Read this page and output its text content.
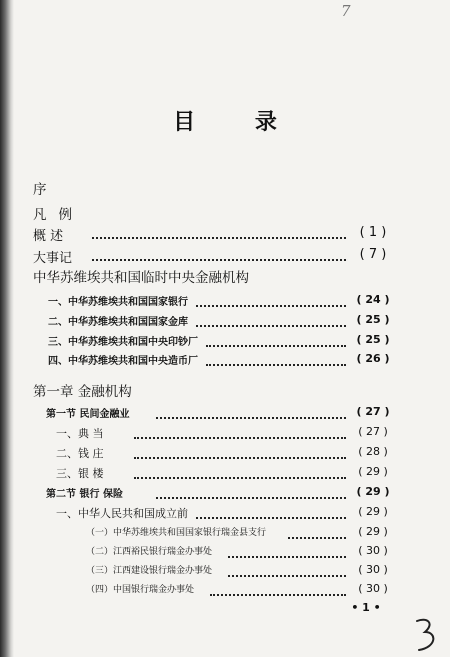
7
目 录
序
凡例
概 述	( 1 )
大事记	( 7 )
中华苏维埃共和国临时中央金融机构
一、中华苏维埃共和国国家银行	( 24 )
二、中华苏维埃共和国国家金库	( 25 )
三、中华苏维埃共和国中央印钞厂	( 25 )
四、中华苏维埃共和国中央造币厂	( 26 )
第一章 金融机构
第一节 民间金融业	( 27 )
一、典 当	( 27 )
二、钱 庄	( 28 )
三、银 楼	( 29 )
第二节 银行 保险	( 29 )
一、中华人民共和国成立前	( 29 )
（一）中华苏维埃共和国国家银行瑞金县支行	( 29 )
（二）江西裕民银行瑞金办事处	( 30 )
（三）江西建设银行瑞金办事处	( 30 )
（四）中国银行瑞金办事处	( 30 )
• 1 •
